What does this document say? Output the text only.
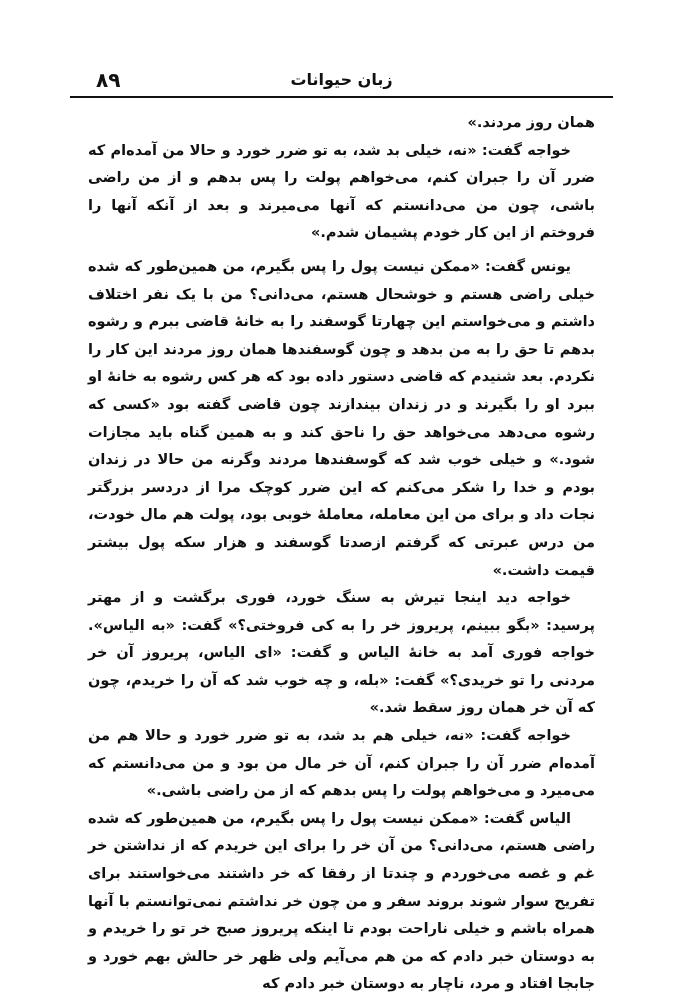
۸۹	زبان حیوانات

همان روز مردند.»

خواجه گفت: «نه، خیلی بد شد، به تو ضرر خورد و حالا من آمده‌ام که ضرر آن را جبران کنم، می‌خواهم پولت را پس بدهم و از من راضی باشی، چون من می‌دانستم که آنها می‌میرند و بعد از آنکه آنها را فروختم از این کار خودم پشیمان شدم.»

یونس گفت: «ممکن نیست پول را پس بگیرم، من همین‌طور که شده خیلی راضی هستم و خوشحال هستم، می‌دانی؟ من با یک نفر اختلاف داشتم و می‌خواستم این چهارتا گوسفند را به خانهٔ قاضی ببرم و رشوه بدهم تا حق را به من بدهد و چون گوسفندها همان روز مردند این کار را نکردم. بعد شنیدم که قاضی دستور داده بود که هر کس رشوه به خانهٔ او ببرد او را بگیرند و در زندان بیندازند چون قاضی گفته بود «کسی که رشوه می‌دهد می‌خواهد حق را ناحق کند و به همین گناه باید مجازات شود.» و خیلی خوب شد که گوسفندها مردند وگرنه من حالا در زندان بودم و خدا را شکر می‌کنم که این ضرر کوچک مرا از دردسر بزرگتر نجات داد و برای من این معامله، معاملهٔ خوبی بود، پولت هم مال خودت، من درس عبرتی که گرفتم ازصدتا گوسفند و هزار سکه پول بیشتر قیمت داشت.»

خواجه دید اینجا تیرش به سنگ خورد، فوری برگشت و از مهتر پرسید: «بگو ببینم، پریروز خر را به کی فروختی؟» گفت: «به الیاس». خواجه فوری آمد به خانهٔ الیاس و گفت: «ای الیاس، پریروز آن خر مردنی را تو خریدی؟» گفت: «بله، و چه خوب شد که آن را خریدم، چون که آن خر همان روز سقط شد.»

خواجه گفت: «نه، خیلی هم بد شد، به تو ضرر خورد و حالا هم من آمده‌ام ضرر آن را جبران کنم، آن خر مال من بود و من می‌دانستم که می‌میرد و می‌خواهم پولت را پس بدهم که از من راضی باشی.»

الیاس گفت: «ممکن نیست پول را پس بگیرم، من همین‌طور که شده راضی هستم، می‌دانی؟ من آن خر را برای این خریدم که از نداشتن خر غم و غصه می‌خوردم و چندتا از رفقا که خر داشتند می‌خواستند برای تفریح سوار شوند بروند سفر و من چون خر نداشتم نمی‌توانستم با آنها همراه باشم و خیلی ناراحت بودم تا اینکه پریروز صبح خر تو را خریدم و به دوستان خبر دادم که من هم می‌آیم ولی ظهر خر حالش بهم خورد و جابجا افتاد و مرد، ناچار به دوستان خبر دادم که
